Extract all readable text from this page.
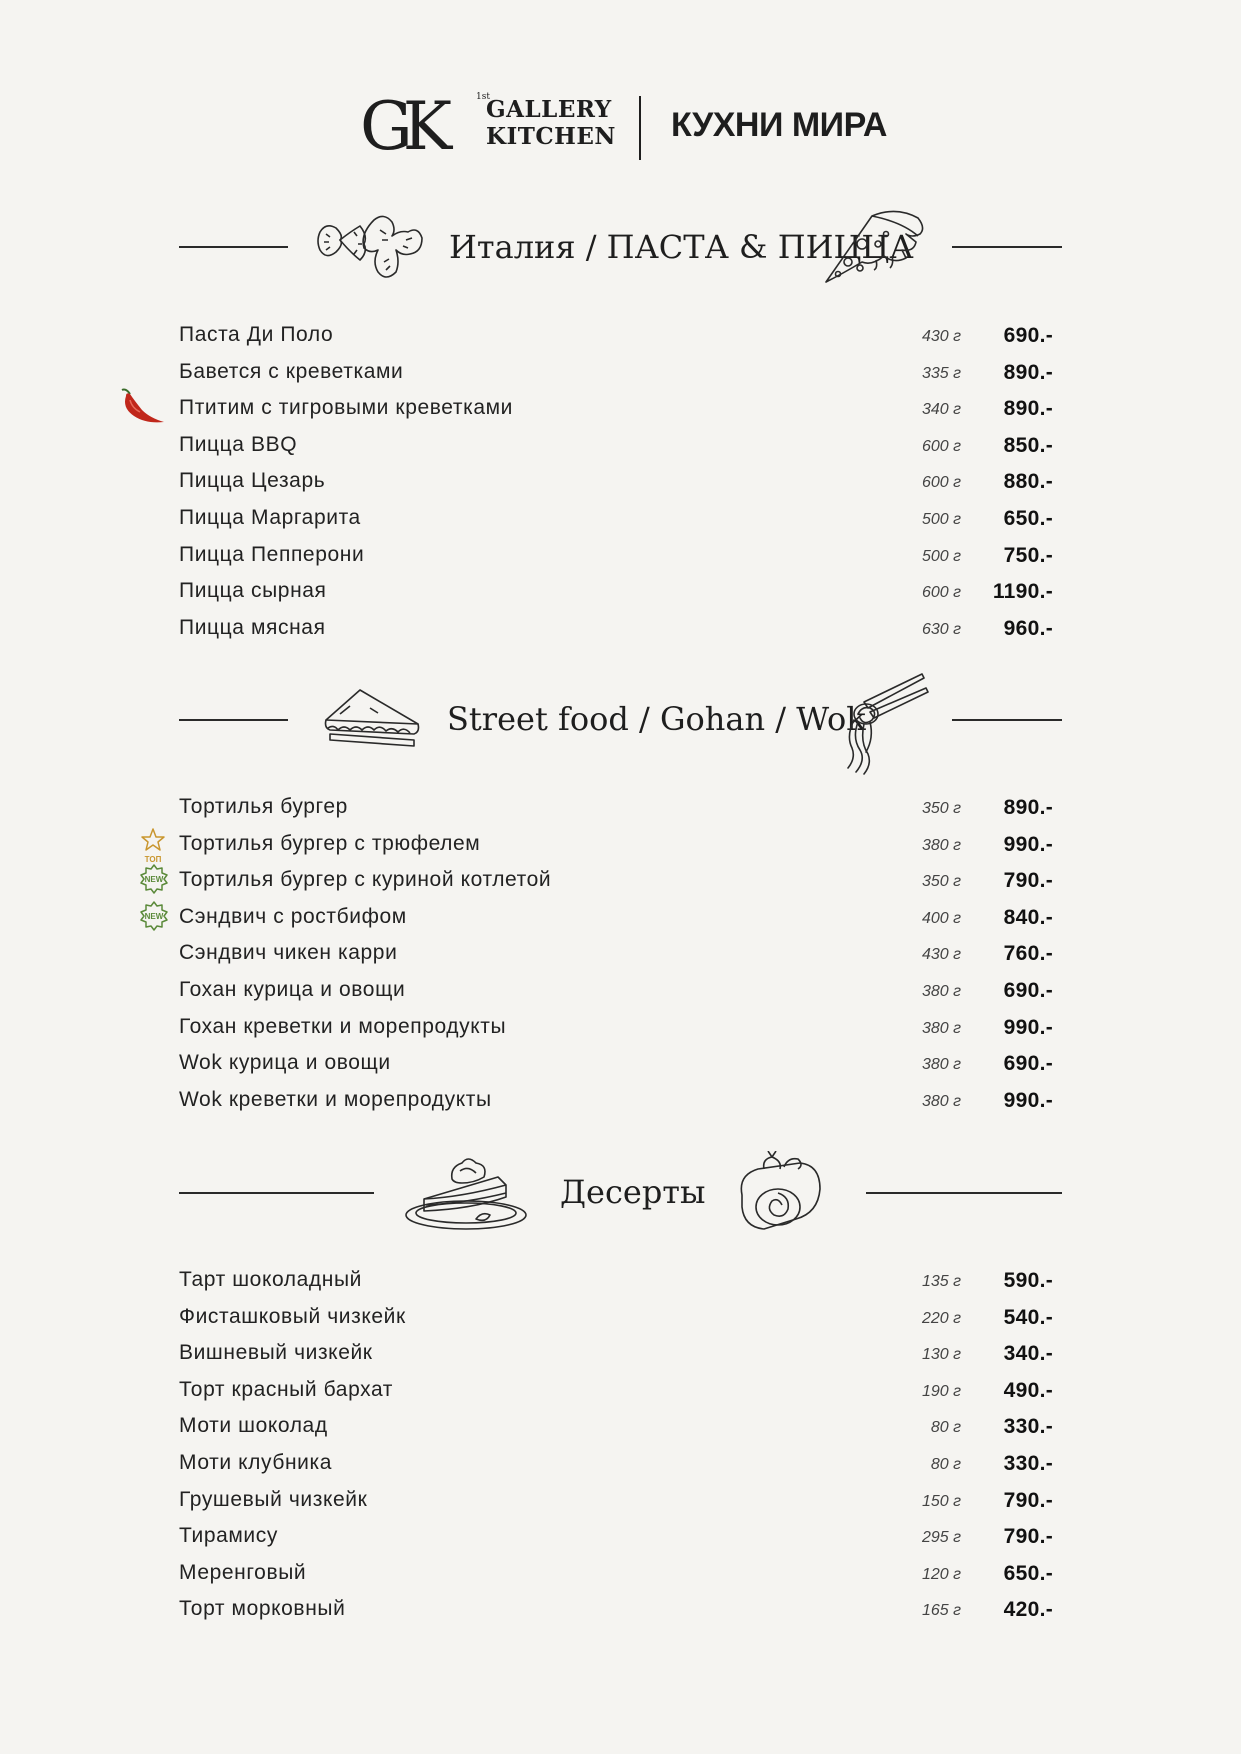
GK	1st
GALLERY
KITCHEN КУХНИ МИРА
Италия / ПАСТА & ПИЦЦА
Паста Ди Поло	430 г 690.-
Бавется с креветками	335 г 890.-
Птитим с тигровыми креветками	340 г 890.-
Пицца BBQ	600 г 850.-
Пицца Цезарь	600 г 880.-
Пицца Маргарита	500 г 650.-
Пицца Пепперони	500 г 750.-
Пицца сырная	600 г 1190.-
Пицца мясная	630 г 960.-
Street food / Gohan / Wok
Тортилья бургер	350 г 890.-
ТОП
Тортилья бургер с трюфелем	380 г 990.-
NEW Тортилья бургер с куриной котлетой	350 г 790.-
NEW Сэндвич с ростбифом	400 г 840.-
Сэндвич чикен карри	430 г 760.-
Гохан курица и овощи	380 г 690.-
Гохан креветки и морепродукты	380 г 990.-
Wok курица и овощи	380 г 690.-
Wok креветки и морепродукты	380 г 990.-
Десерты
Тарт шоколадный	135 г 590.-
Фисташковый чизкейк	220 г 540.-
Вишневый чизкейк	130 г 340.-
Торт красный бархат	190 г 490.-
Моти шоколад	80 г 330.-
Моти клубника	80 г 330.-
Грушевый чизкейк	150 г 790.-
Тирамису	295 г 790.-
Меренговый	120 г 650.-
Торт морковный	165 г 420.-
